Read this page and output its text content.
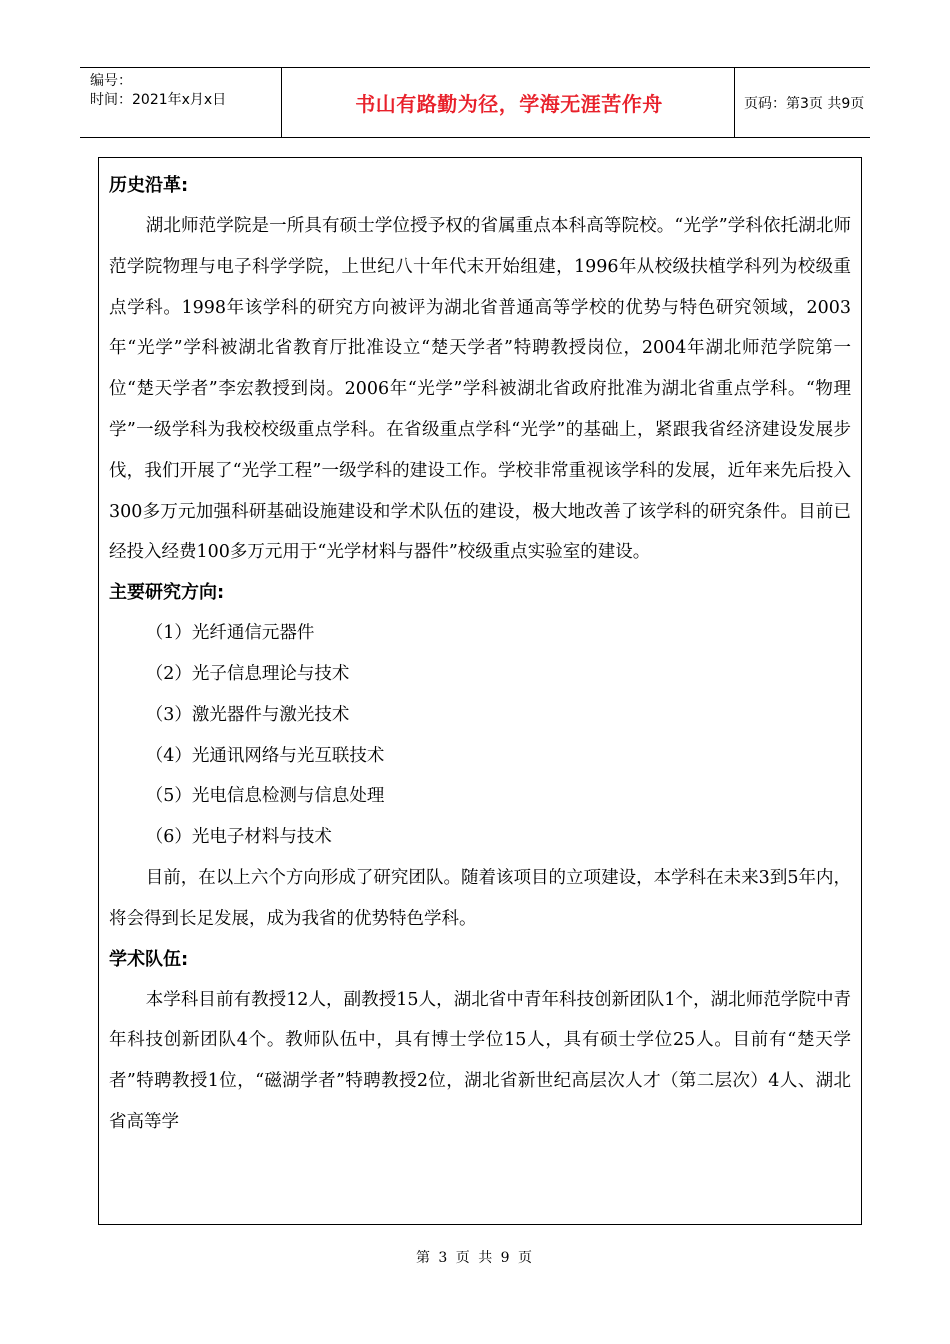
编号：
时间：2021年x月x日	书山有路勤为径，学海无涯苦作舟	页码：第3页 共9页
历史沿革:

湖北师范学院是一所具有硕士学位授予权的省属重点本科高等院校。“光学”学科依托湖北师范学院物理与电子科学学院，上世纪八十年代末开始组建，1996年从校级扶植学科列为校级重点学科。1998年该学科的研究方向被评为湖北省普通高等学校的优势与特色研究领域，2003年“光学”学科被湖北省教育厅批准设立“楚天学者”特聘教授岗位，2004年湖北师范学院第一位“楚天学者”李宏教授到岗。2006年“光学”学科被湖北省政府批准为湖北省重点学科。“物理学”一级学科为我校校级重点学科。在省级重点学科“光学”的基础上，紧跟我省经济建设发展步伐，我们开展了“光学工程”一级学科的建设工作。学校非常重视该学科的发展，近年来先后投入300多万元加强科研基础设施建设和学术队伍的建设，极大地改善了该学科的研究条件。目前已经投入经费100多万元用于“光学材料与器件”校级重点实验室的建设。

主要研究方向:
（1）光纤通信元器件
（2）光子信息理论与技术
（3）激光器件与激光技术
（4）光通讯网络与光互联技术
（5）光电信息检测与信息处理
（6）光电子材料与技术

目前，在以上六个方向形成了研究团队。随着该项目的立项建设，本学科在未来3到5年内，将会得到长足发展，成为我省的优势特色学科。

学术队伍:

本学科目前有教授12人，副教授15人，湖北省中青年科技创新团队1个，湖北师范学院中青年科技创新团队4个。教师队伍中，具有博士学位15人，具有硕士学位25人。目前有“楚天学者”特聘教授1位，“磁湖学者”特聘教授2位，湖北省新世纪高层次人才（第二层次）4人、湖北省高等学

第 3 页 共 9 页
